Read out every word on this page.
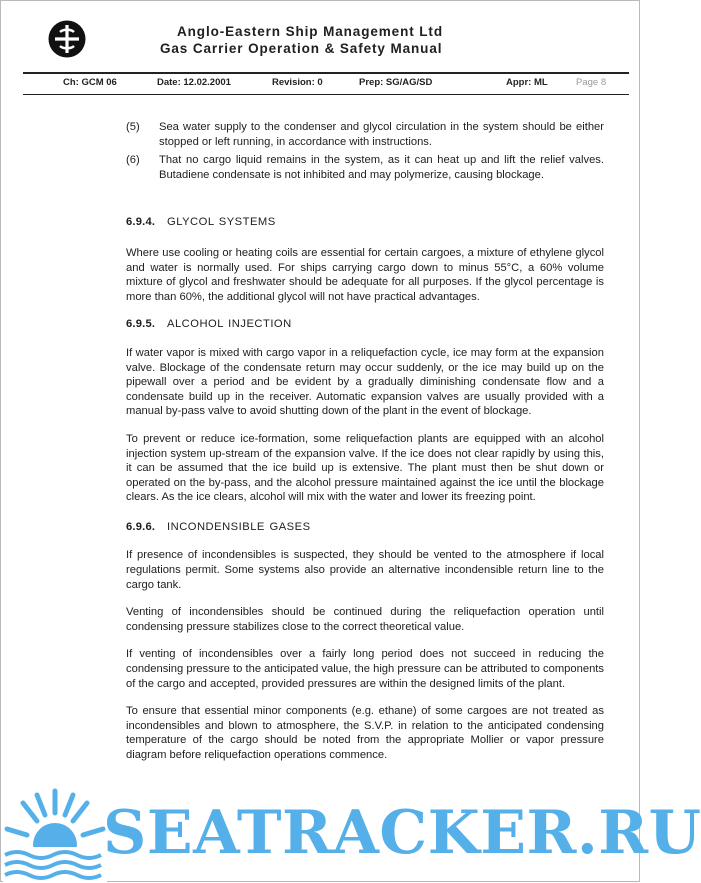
Anglo-Eastern Ship Management Ltd
Gas Carrier Operation & Safety Manual
Ch: GCM 06	Date: 12.02.2001	Revision: 0	Prep: SG/AG/SD	Appr: ML	Page 8
(5) Sea water supply to the condenser and glycol circulation in the system should be either stopped or left running, in accordance with instructions.
(6) That no cargo liquid remains in the system, as it can heat up and lift the relief valves. Butadiene condensate is not inhibited and may polymerize, causing blockage.
6.9.4. GLYCOL SYSTEMS

Where use cooling or heating coils are essential for certain cargoes, a mixture of ethylene glycol and water is normally used. For ships carrying cargo down to minus 55°C, a 60% volume mixture of glycol and freshwater should be adequate for all purposes. If the glycol percentage is more than 60%, the additional glycol will not have practical advantages.

6.9.5. ALCOHOL INJECTION

If water vapor is mixed with cargo vapor in a reliquefaction cycle, ice may form at the expansion valve. Blockage of the condensate return may occur suddenly, or the ice may build up on the pipewall over a period and be evident by a gradually diminishing condensate flow and a condensate build up in the receiver. Automatic expansion valves are usually provided with a manual by-pass valve to avoid shutting down of the plant in the event of blockage.

To prevent or reduce ice-formation, some reliquefaction plants are equipped with an alcohol injection system up-stream of the expansion valve. If the ice does not clear rapidly by using this, it can be assumed that the ice build up is extensive. The plant must then be shut down or operated on the by-pass, and the alcohol pressure maintained against the ice until the blockage clears. As the ice clears, alcohol will mix with the water and lower its freezing point.

6.9.6. INCONDENSIBLE GASES

If presence of incondensibles is suspected, they should be vented to the atmosphere if local regulations permit. Some systems also provide an alternative incondensible return line to the cargo tank.

Venting of incondensibles should be continued during the reliquefaction operation until condensing pressure stabilizes close to the correct theoretical value.

If venting of incondensibles over a fairly long period does not succeed in reducing the condensing pressure to the anticipated value, the high pressure can be attributed to components of the cargo and accepted, provided pressures are within the designed limits of the plant.

To ensure that essential minor components (e.g. ethane) of some cargoes are not treated as incondensibles and blown to atmosphere, the S.V.P. in relation to the anticipated condensing temperature of the cargo should be noted from the appropriate Mollier or vapor pressure diagram before reliquefaction operations commence.

SEATRACKER.RU
